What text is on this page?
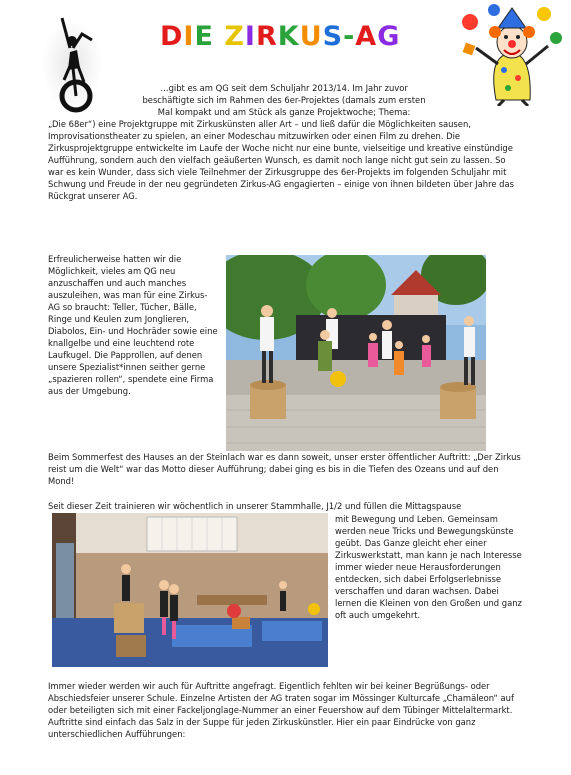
DIE ZIRKUS-AG

…gibt es am QG seit dem Schuljahr 2013/14. Im Jahr zuvor beschäftigte sich im Rahmen des 6er-Projektes (damals zum ersten Mal kompakt und am Stück als ganze Projektwoche; Thema:

„Die 68er“) eine Projektgruppe mit Zirkuskünsten aller Art – und ließ dafür die Möglichkeiten sausen, Improvisationstheater zu spielen, an einer Modeschau mitzuwirken oder einen Film zu drehen. Die Zirkusprojektgruppe entwickelte im Laufe der Woche nicht nur eine bunte, vielseitige und kreative einstündige Aufführung, sondern auch den vielfach geäußerten Wunsch, es damit noch lange nicht gut sein zu lassen. So war es kein Wunder, dass sich viele Teilnehmer der Zirkusgruppe des 6er-Projekts im folgenden Schuljahr mit Schwung und Freude in der neu gegründeten Zirkus-AG engagierten – einige von ihnen bildeten über Jahre das Rückgrat unserer AG.

Erfreulicherweise hatten wir die Möglichkeit, vieles am QG neu anzuschaffen und auch manches auszuleihen, was man für eine Zirkus-AG so braucht: Teller, Tücher, Bälle, Ringe und Keulen zum Jonglieren, Diabolos, Ein- und Hochräder sowie eine knallgelbe und eine leuchtend rote Laufkugel. Die Papprollen, auf denen unsere Spezialist*innen seither gerne „spazieren rollen“, spendete eine Firma aus der Umgebung.

Beim Sommerfest des Hauses an der Steinlach war es dann soweit, unser erster öffentlicher Auftritt: „Der Zirkus reist um die Welt“ war das Motto dieser Aufführung; dabei ging es bis in die Tiefen des Ozeans und auf den Mond!

Seit dieser Zeit trainieren wir wöchentlich in unserer Stammhalle, J1/2 und füllen die Mittagspause

mit Bewegung und Leben. Gemeinsam werden neue Tricks und Bewegungskünste geübt. Das Ganze gleicht eher einer Zirkuswerkstatt, man kann je nach Interesse immer wieder neue Herausforderungen entdecken, sich dabei Erfolgserlebnisse verschaffen und daran wachsen. Dabei lernen die Kleinen von den Großen und ganz oft auch umgekehrt.

Immer wieder werden wir auch für Auftritte angefragt. Eigentlich fehlten wir bei keiner Begrüßungs- oder Abschiedsfeier unserer Schule. Einzelne Artisten der AG traten sogar im Mössinger Kulturcafe „Chamäleon“ auf oder beteiligten sich mit einer Fackeljonglage-Nummer an einer Feuershow auf dem Tübinger Mittelaltermarkt. Auftritte sind einfach das Salz in der Suppe für jeden Zirkuskünstler. Hier ein paar Eindrücke von ganz unterschiedlichen Aufführungen:
